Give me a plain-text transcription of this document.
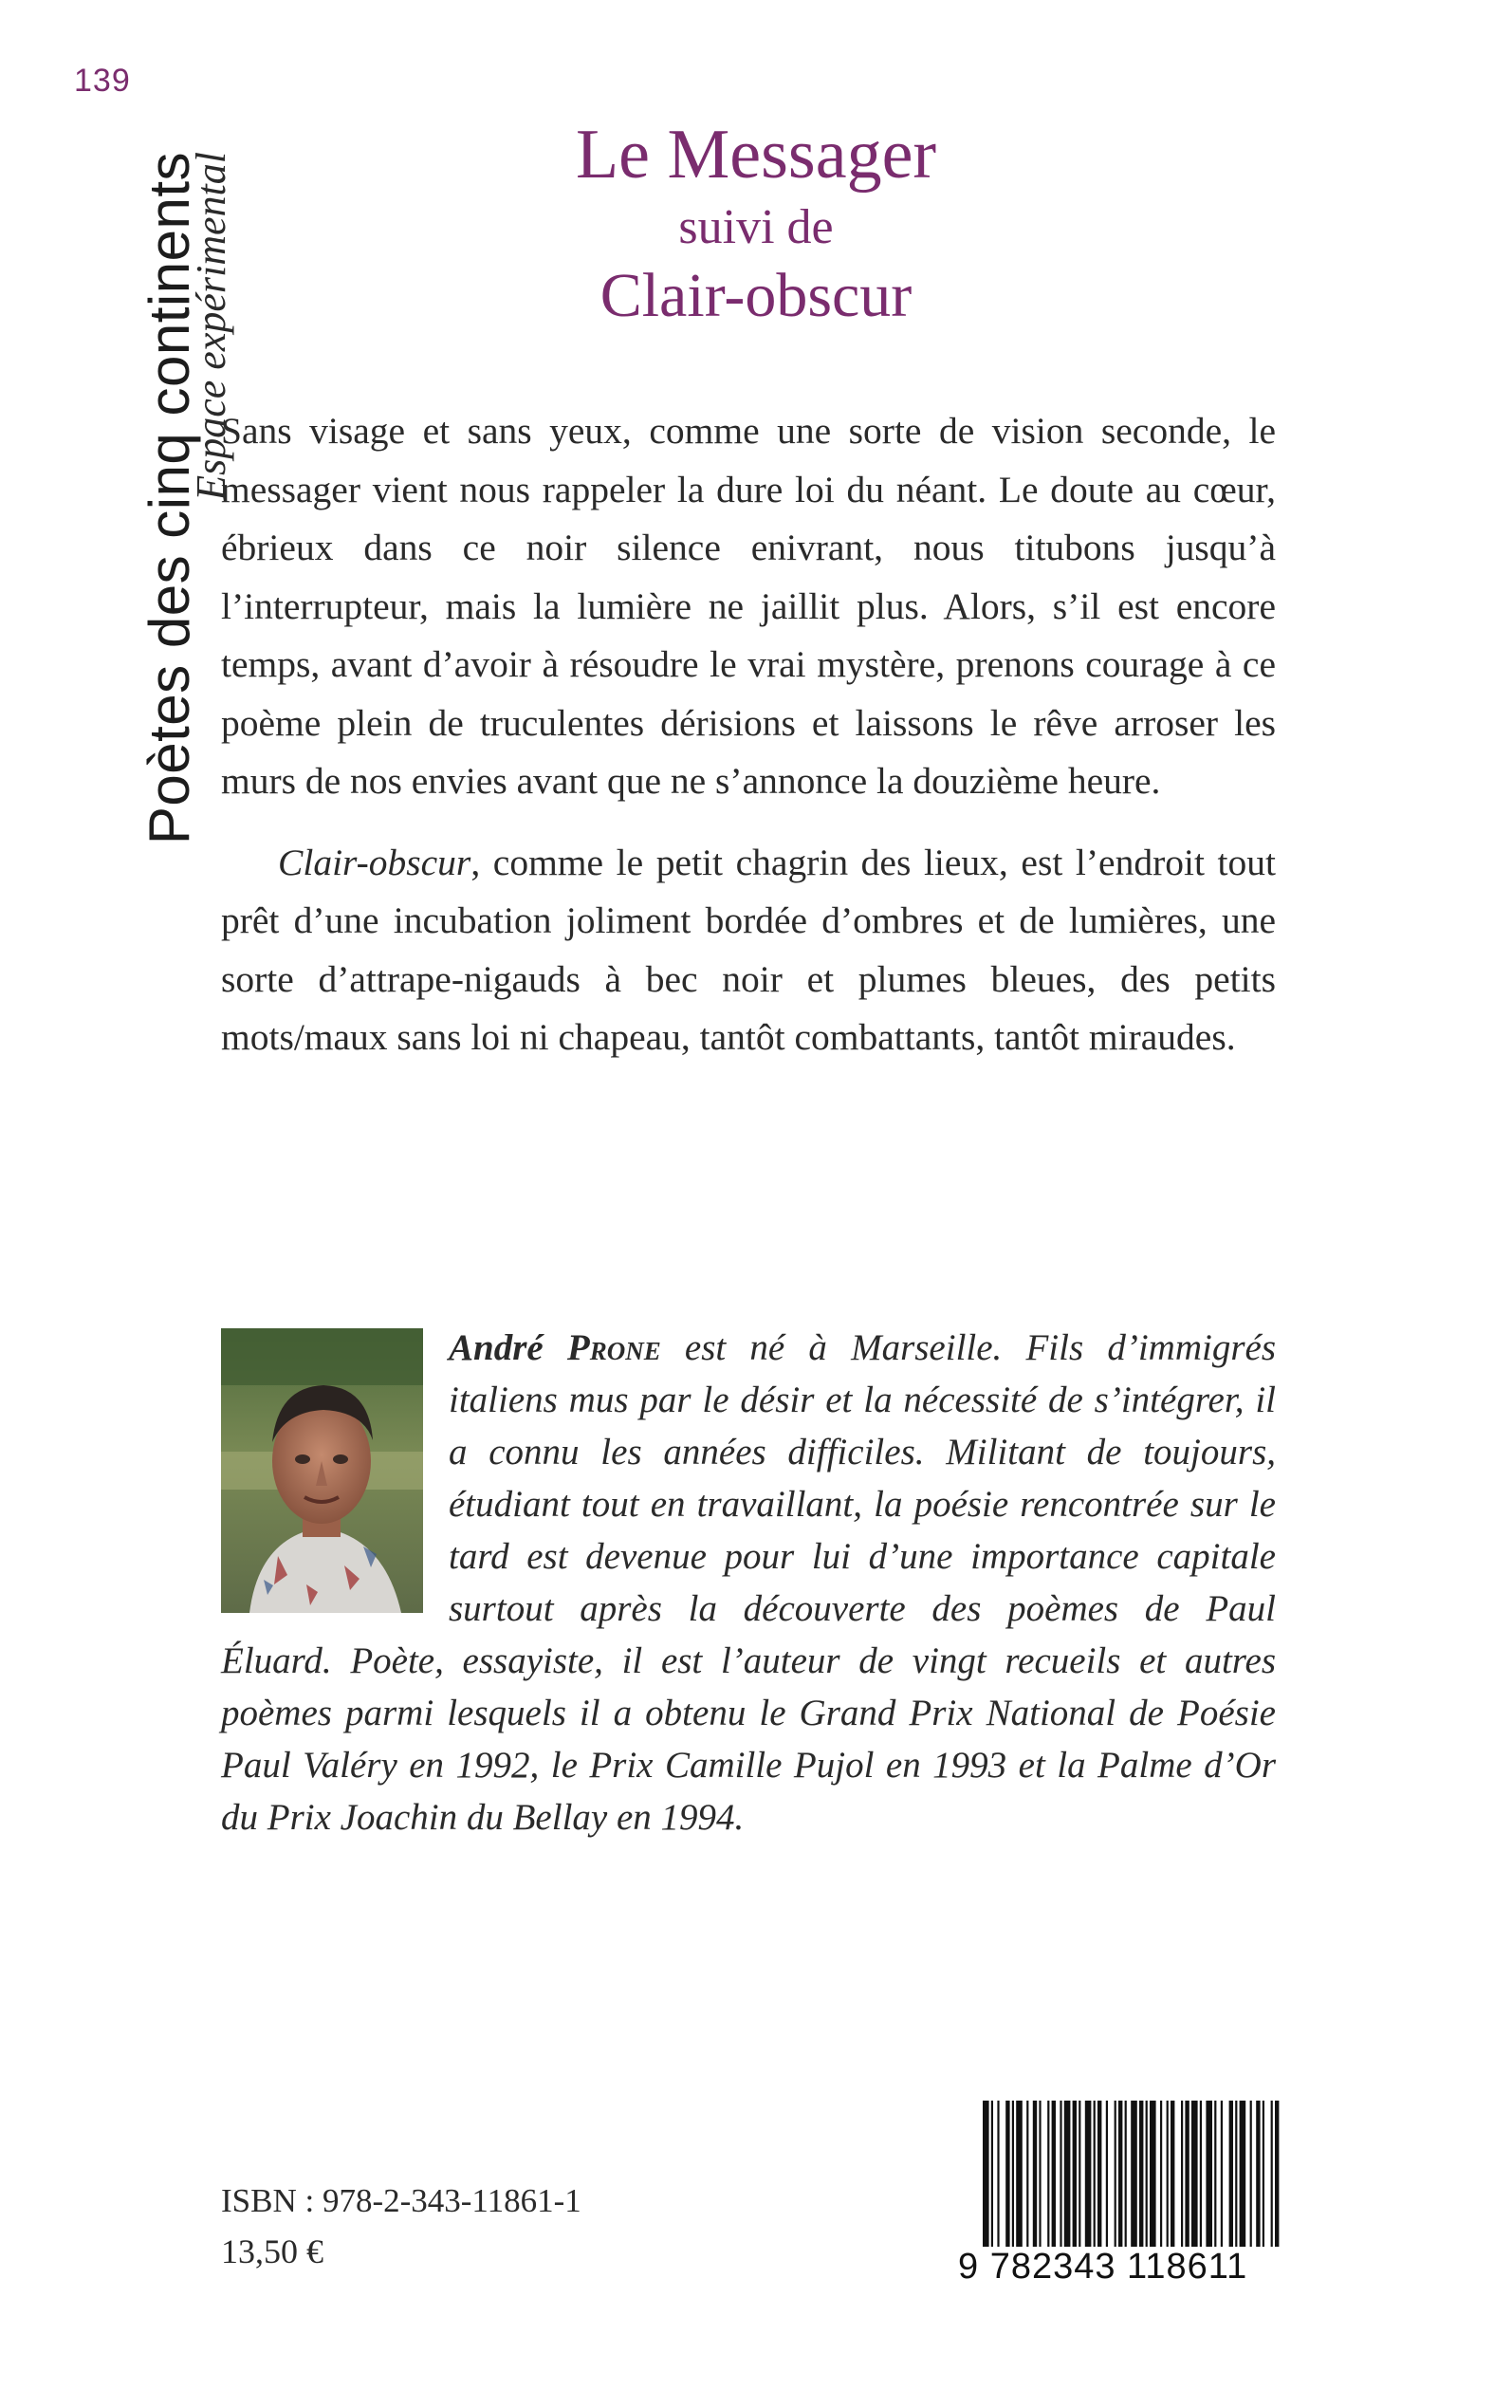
139
Poètes des cinq continents
Espace expérimental	Le Messager
suivi de
Clair-obscur

Sans visage et sans yeux, comme une sorte de vision seconde, le messager vient nous rappeler la dure loi du néant. Le doute au cœur, ébrieux dans ce noir silence enivrant, nous titubons jusqu’à l’interrupteur, mais la lumière ne jaillit plus. Alors, s’il est encore temps, avant d’avoir à résoudre le vrai mystère, prenons courage à ce poème plein de truculentes dérisions et laissons le rêve arroser les murs de nos envies avant que ne s’annonce la douzième heure.

Clair-obscur, comme le petit chagrin des lieux, est l’endroit tout prêt d’une incubation joliment bordée d’ombres et de lumières, une sorte d’attrape-nigauds à bec noir et plumes bleues, des petits mots/maux sans loi ni chapeau, tantôt combattants, tantôt miraudes.

André Prone est né à Marseille. Fils d’immigrés italiens mus par le désir et la nécessité de s’intégrer, il a connu les années difficiles. Militant de toujours, étudiant tout en travaillant, la poésie rencontrée sur le tard est devenue pour lui d’une importance capitale surtout après la découverte des poèmes de Paul Éluard. Poète, essayiste, il est l’auteur de vingt recueils et autres poèmes parmi lesquels il a obtenu le Grand Prix National de Poésie Paul Valéry en 1992, le Prix Camille Pujol en 1993 et la Palme d’Or du Prix Joachin du Bellay en 1994.
ISBN : 978-2-343-11861-1
13,50 €	9 782343 118611
